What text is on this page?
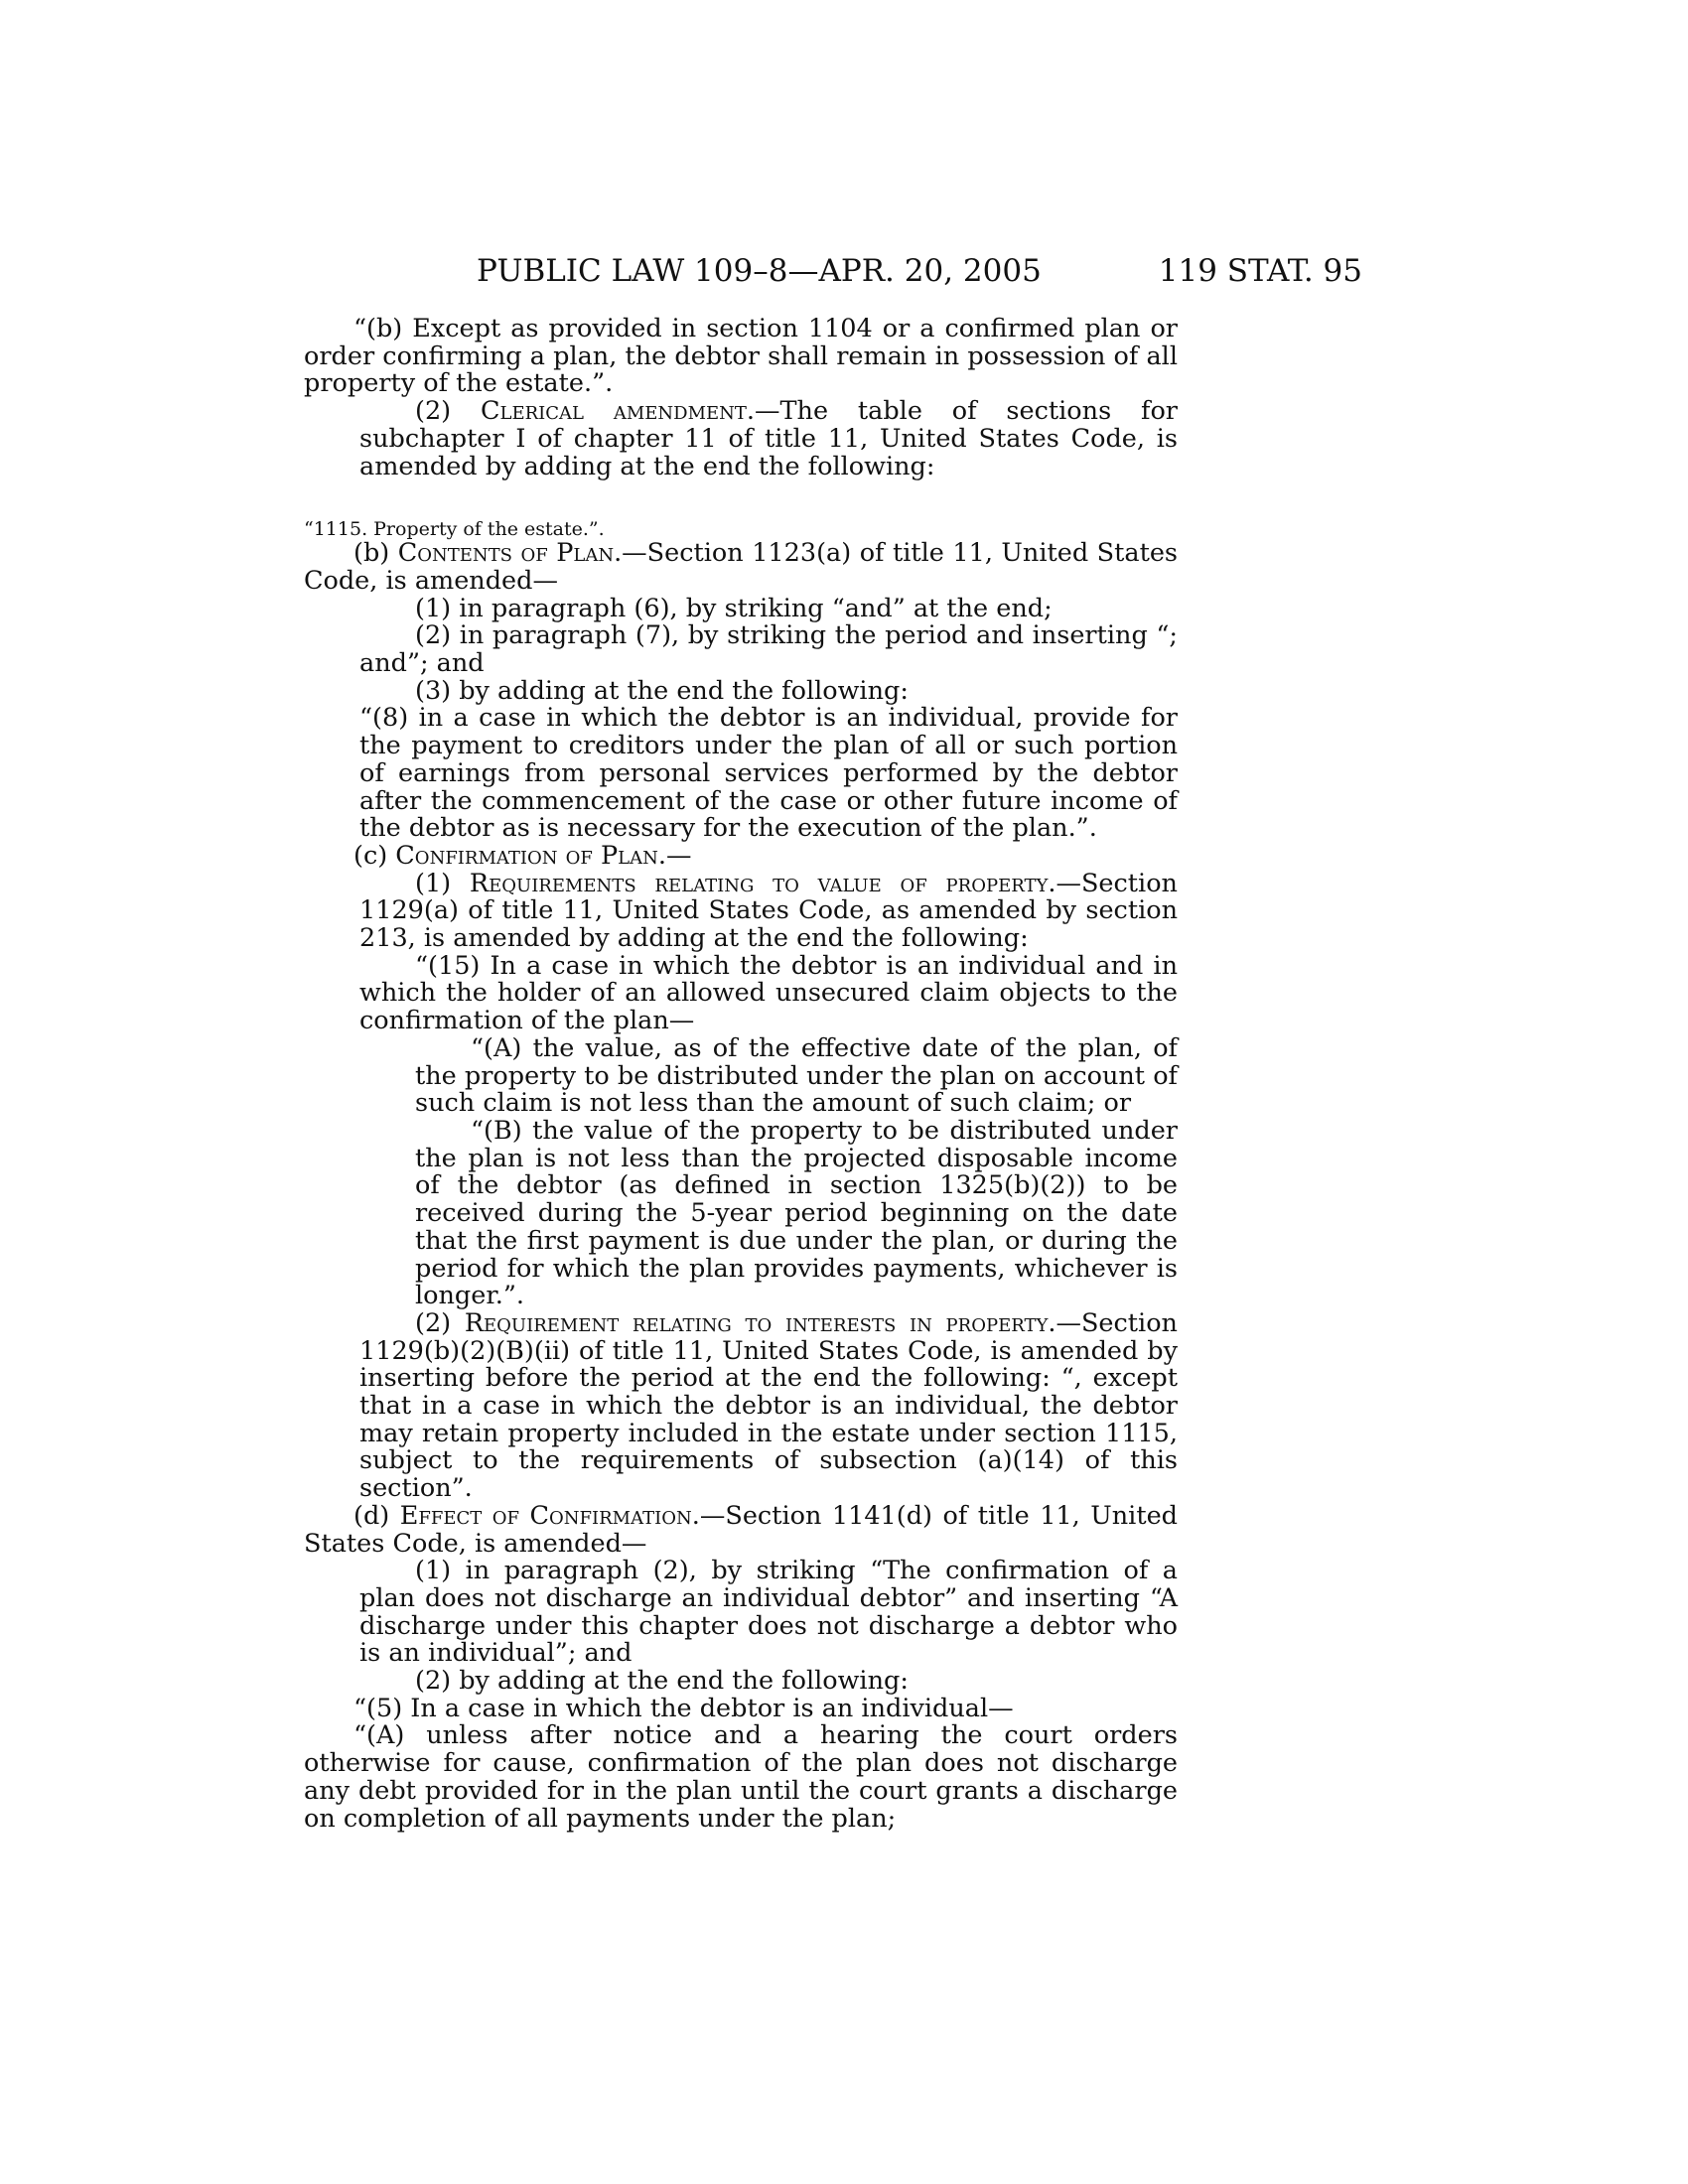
PUBLIC LAW 109–8—APR. 20, 2005	119 STAT. 95

“(b) Except as provided in section 1104 or a confirmed plan or order confirming a plan, the debtor shall remain in possession of all property of the estate.”.

(2) Clerical amendment.—The table of sections for subchapter I of chapter 11 of title 11, United States Code, is amended by adding at the end the following:

“1115. Property of the estate.”.

(b) Contents of Plan.—Section 1123(a) of title 11, United States Code, is amended—

(1) in paragraph (6), by striking “and” at the end;

(2) in paragraph (7), by striking the period and inserting “; and”; and

(3) by adding at the end the following:

“(8) in a case in which the debtor is an individual, provide for the payment to creditors under the plan of all or such portion of earnings from personal services performed by the debtor after the commencement of the case or other future income of the debtor as is necessary for the execution of the plan.”.

(c) Confirmation of Plan.—

(1) Requirements relating to value of property.—Section 1129(a) of title 11, United States Code, as amended by section 213, is amended by adding at the end the following:

“(15) In a case in which the debtor is an individual and in which the holder of an allowed unsecured claim objects to the confirmation of the plan—

“(A) the value, as of the effective date of the plan, of the property to be distributed under the plan on account of such claim is not less than the amount of such claim; or

“(B) the value of the property to be distributed under the plan is not less than the projected disposable income of the debtor (as defined in section 1325(b)(2)) to be received during the 5-year period beginning on the date that the first payment is due under the plan, or during the period for which the plan provides payments, whichever is longer.”.

(2) Requirement relating to interests in property.—Section 1129(b)(2)(B)(ii) of title 11, United States Code, is amended by inserting before the period at the end the following: “, except that in a case in which the debtor is an individual, the debtor may retain property included in the estate under section 1115, subject to the requirements of subsection (a)(14) of this section”.

(d) Effect of Confirmation.—Section 1141(d) of title 11, United States Code, is amended—

(1) in paragraph (2), by striking “The confirmation of a plan does not discharge an individual debtor” and inserting “A discharge under this chapter does not discharge a debtor who is an individual”; and

(2) by adding at the end the following:

“(5) In a case in which the debtor is an individual—

“(A) unless after notice and a hearing the court orders otherwise for cause, confirmation of the plan does not discharge any debt provided for in the plan until the court grants a discharge on completion of all payments under the plan;
